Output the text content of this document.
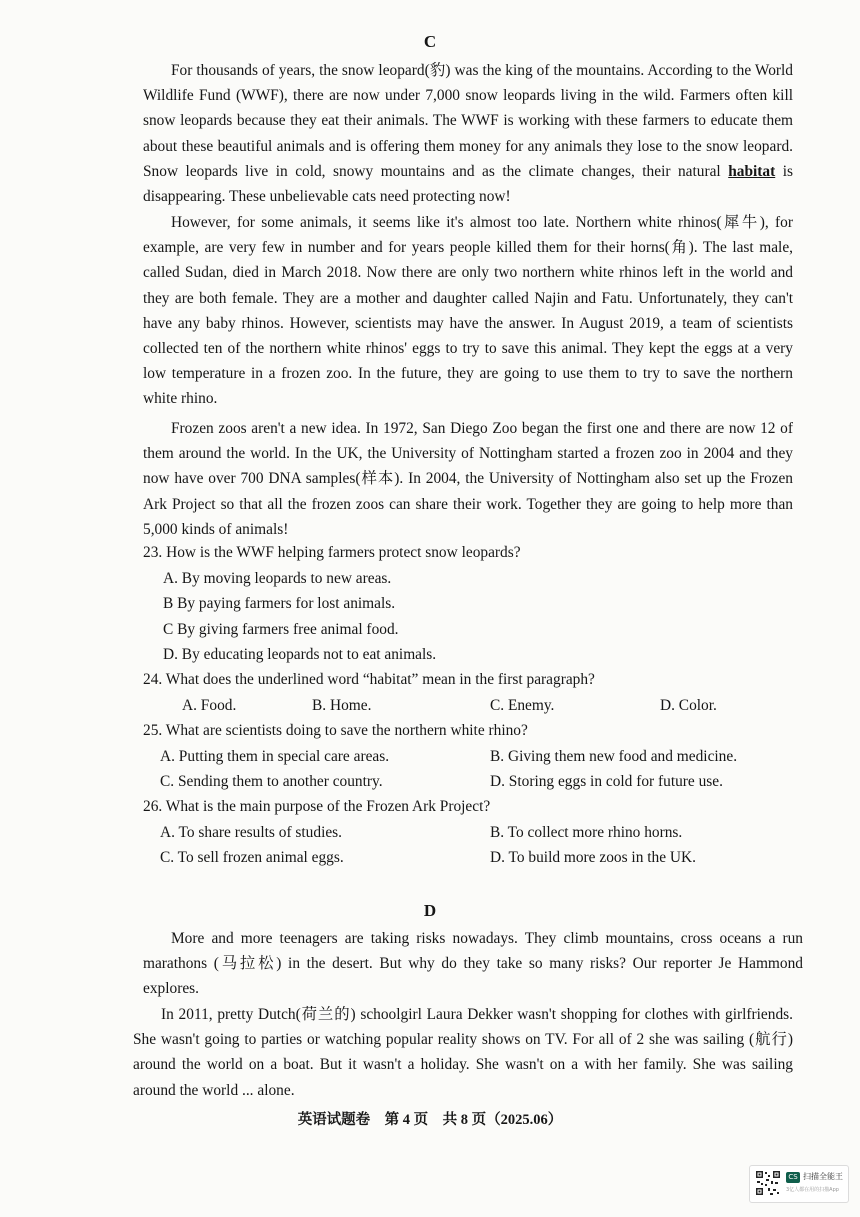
C

For thousands of years, the snow leopard(豹) was the king of the mountains. According to the World Wildlife Fund (WWF), there are now under 7,000 snow leopards living in the wild. Farmers often kill snow leopards because they eat their animals. The WWF is working with these farmers to educate them about these beautiful animals and is offering them money for any animals they lose to the snow leopard. Snow leopards live in cold, snowy mountains and as the climate changes, their natural habitat is disappearing. These unbelievable cats need protecting now!

However, for some animals, it seems like it's almost too late. Northern white rhinos(犀牛), for example, are very few in number and for years people killed them for their horns(角). The last male, called Sudan, died in March 2018. Now there are only two northern white rhinos left in the world and they are both female. They are a mother and daughter called Najin and Fatu. Unfortunately, they can't have any baby rhinos. However, scientists may have the answer. In August 2019, a team of scientists collected ten of the northern white rhinos' eggs to try to save this animal. They kept the eggs at a very low temperature in a frozen zoo. In the future, they are going to use them to try to save the northern white rhino.

Frozen zoos aren't a new idea. In 1972, San Diego Zoo began the first one and there are now 12 of them around the world. In the UK, the University of Nottingham started a frozen zoo in 2004 and they now have over 700 DNA samples(样本). In 2004, the University of Nottingham also set up the Frozen Ark Project so that all the frozen zoos can share their work. Together they are going to help more than 5,000 kinds of animals!

23. How is the WWF helping farmers protect snow leopards?
A. By moving leopards to new areas.
B By paying farmers for lost animals.
C By giving farmers free animal food.
D. By educating leopards not to eat animals.
24. What does the underlined word “habitat” mean in the first paragraph?
A. Food.	B. Home.	C. Enemy.	D. Color.
25. What are scientists doing to save the northern white rhino?
A. Putting them in special care areas.	B. Giving them new food and medicine.
C. Sending them to another country.	D. Storing eggs in cold for future use.
26. What is the main purpose of the Frozen Ark Project?
A. To share results of studies.	B. To collect more rhino horns.
C. To sell frozen animal eggs.	D. To build more zoos in the UK.
D

More and more teenagers are taking risks nowadays. They climb mountains, cross oceans a run marathons (马拉松) in the desert. But why do they take so many risks? Our reporter Je Hammond explores.

In 2011, pretty Dutch(荷兰的) schoolgirl Laura Dekker wasn't shopping for clothes with girlfriends. She wasn't going to parties or watching popular reality shows on TV. For all of 2 she was sailing (航行) around the world on a boat. But it wasn't a holiday. She wasn't on a with her family. She was sailing around the world ... alone.

英语试题卷　第 4 页　共 8 页（2025.06）
CS 扫描全能王
3亿人都在用的扫描App
